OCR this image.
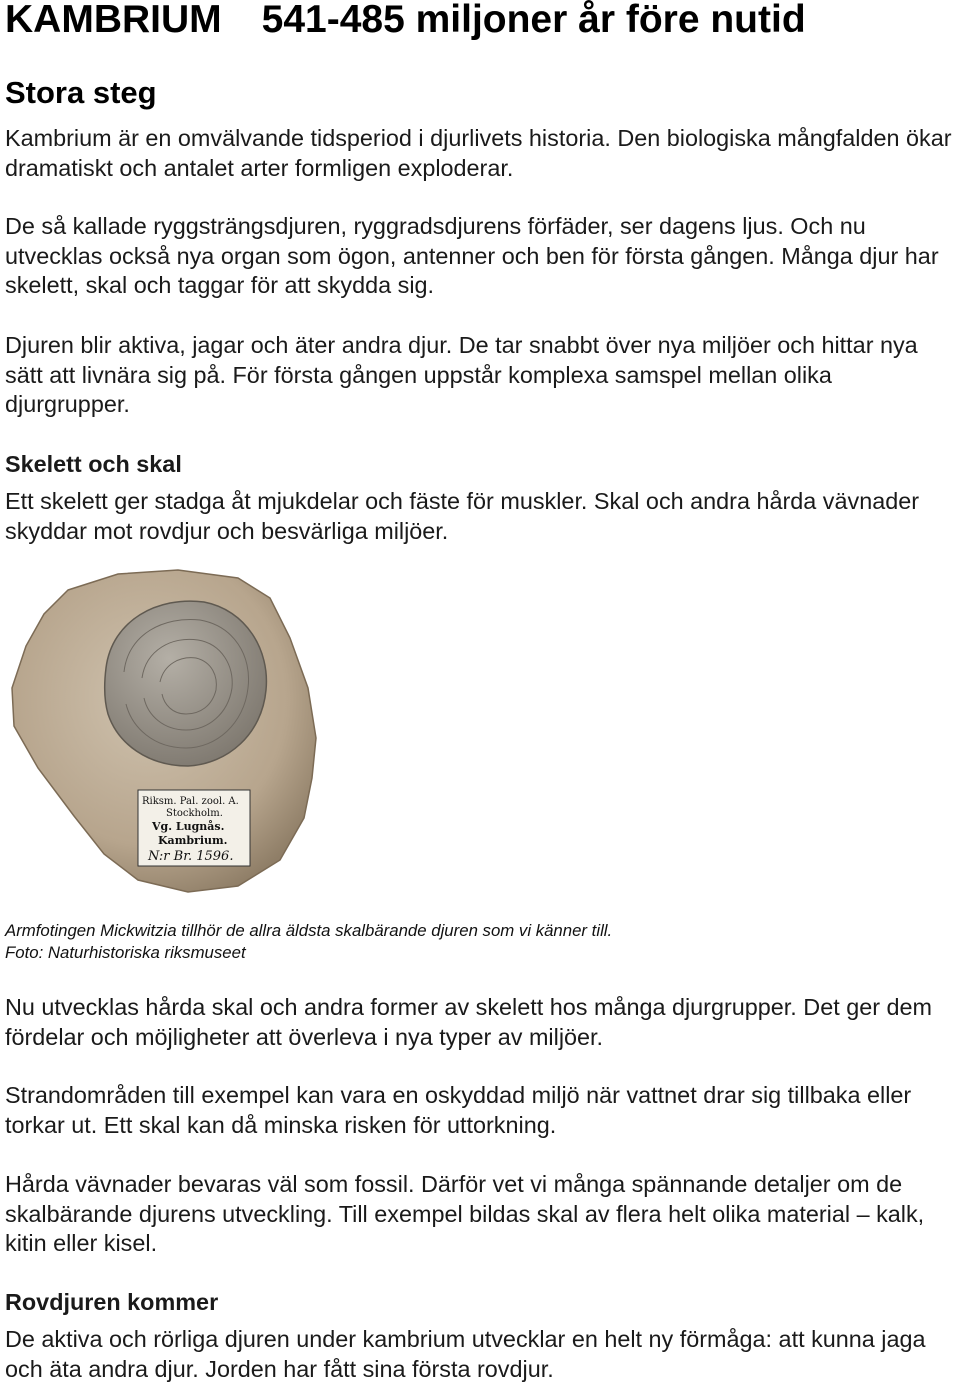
KAMBRIUM 541-485 miljoner år före nutid
Stora steg

Kambrium är en omvälvande tidsperiod i djurlivets historia. Den biologiska mångfalden ökar dramatiskt och antalet arter formligen exploderar.

De så kallade ryggsträngsdjuren, ryggradsdjurens förfäder, ser dagens ljus. Och nu utvecklas också nya organ som ögon, antenner och ben för första gången. Många djur har skelett, skal och taggar för att skydda sig.

Djuren blir aktiva, jagar och äter andra djur. De tar snabbt över nya miljöer och hittar nya sätt att livnära sig på. För första gången uppstår komplexa samspel mellan olika djurgrupper.

Skelett och skal

Ett skelett ger stadga åt mjukdelar och fäste för muskler. Skal och andra hårda vävnader skyddar mot rovdjur och besvärliga miljöer.

Riksm. Pal. zool. A.
Stockholm.
Vg. Lugnås.
Kambrium.
N:r Br. 1596.

Armfotingen Mickwitzia tillhör de allra äldsta skalbärande djuren som vi känner till.
Foto: Naturhistoriska riksmuseet

Nu utvecklas hårda skal och andra former av skelett hos många djurgrupper. Det ger dem fördelar och möjligheter att överleva i nya typer av miljöer.

Strandområden till exempel kan vara en oskyddad miljö när vattnet drar sig tillbaka eller torkar ut. Ett skal kan då minska risken för uttorkning.

Hårda vävnader bevaras väl som fossil. Därför vet vi många spännande detaljer om de skalbärande djurens utveckling. Till exempel bildas skal av flera helt olika material – kalk, kitin eller kisel.

Rovdjuren kommer

De aktiva och rörliga djuren under kambrium utvecklar en helt ny förmåga: att kunna jaga och äta andra djur. Jorden har fått sina första rovdjur.
